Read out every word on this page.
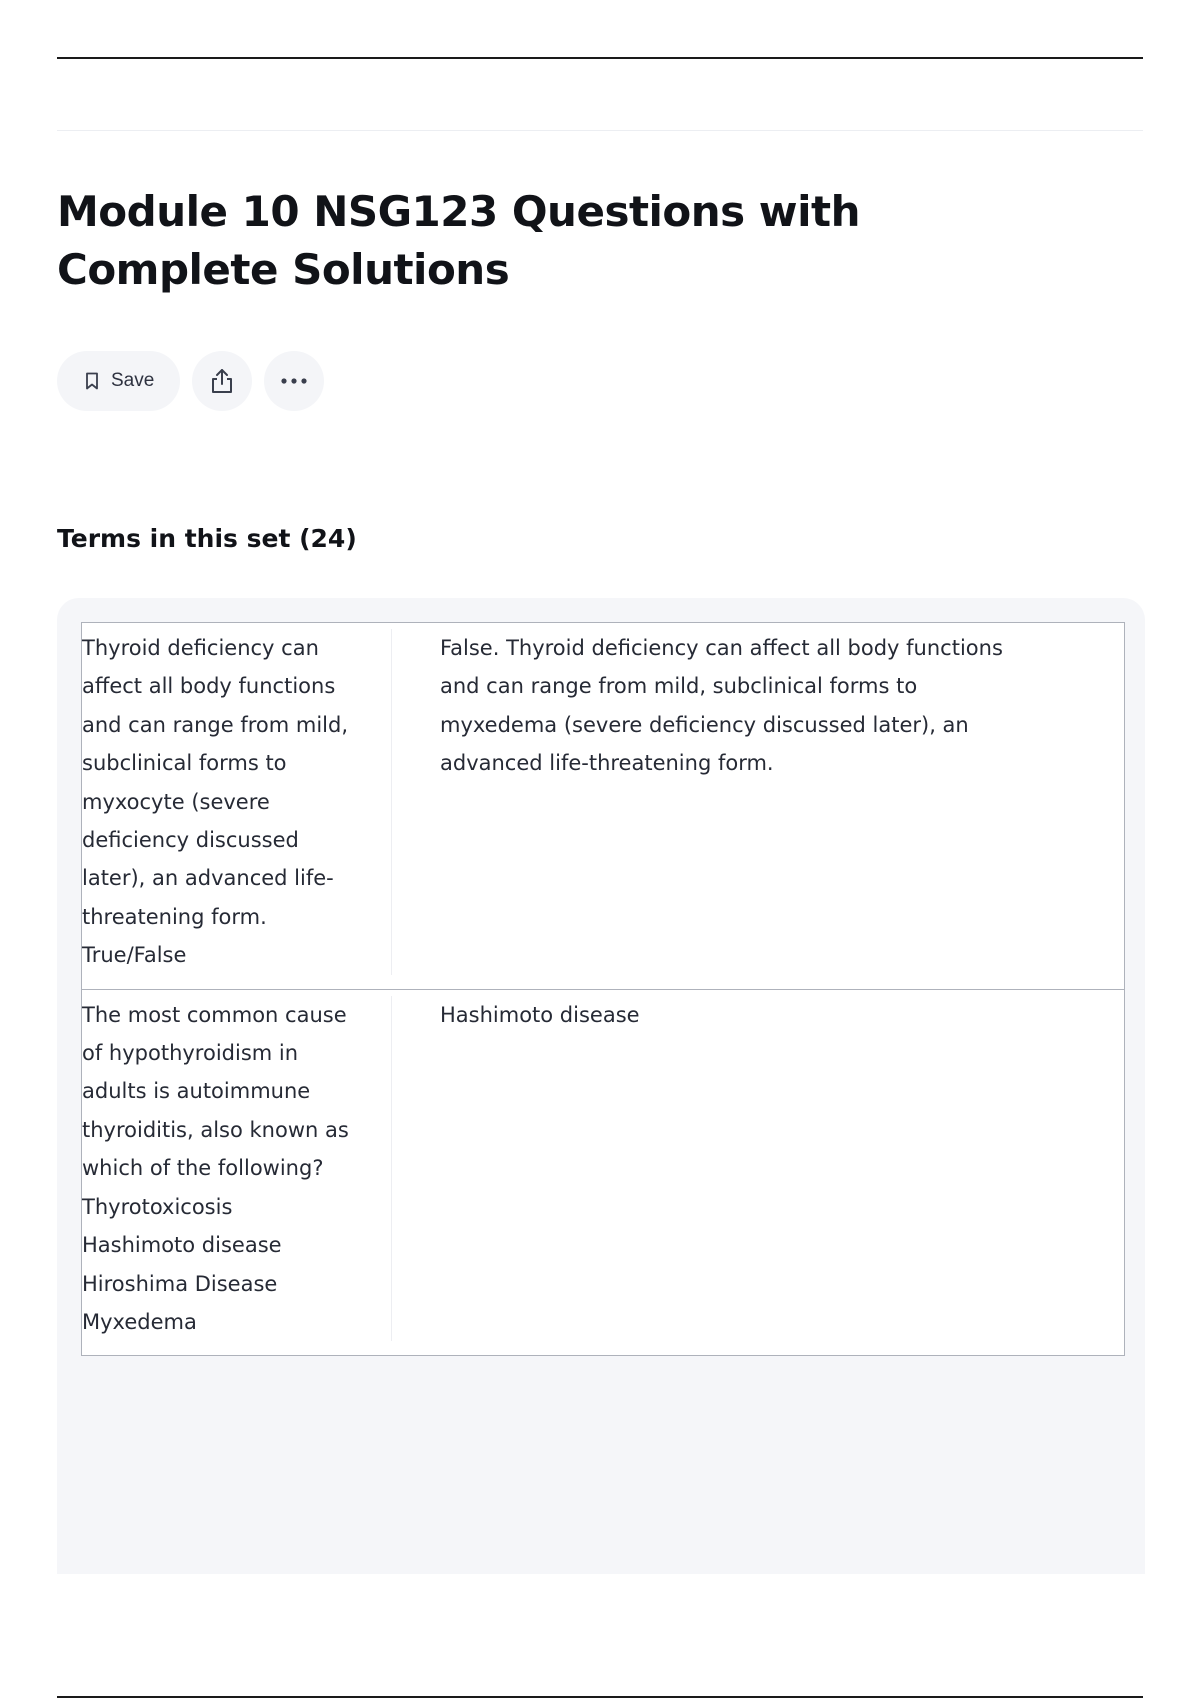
Module 10 NSG123 Questions with Complete Solutions
Save
Terms in this set (24)
Thyroid deficiency can
affect all body functions
and can range from mild,
subclinical forms to
myxocyte (severe
deficiency discussed
later), an advanced life-
threatening form.
True/False
False. Thyroid deficiency can affect all body functions
and can range from mild, subclinical forms to
myxedema (severe deficiency discussed later), an
advanced life-threatening form.
The most common cause
of hypothyroidism in
adults is autoimmune
thyroiditis, also known as
which of the following?
Thyrotoxicosis
Hashimoto disease
Hiroshima Disease
Myxedema
Hashimoto disease
